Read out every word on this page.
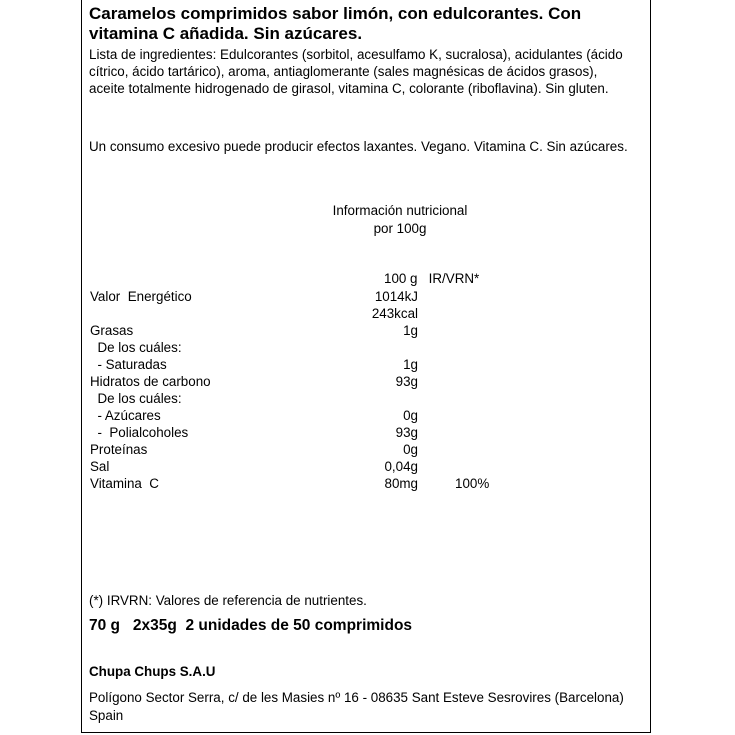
Caramelos comprimidos sabor limón, con edulcorantes. Con vitamina C añadida. Sin azúcares.
Lista de ingredientes: Edulcorantes (sorbitol, acesulfamo K, sucralosa), acidulantes (ácido cítrico, ácido tartárico), aroma, antiaglomerante (sales magnésicas de ácidos grasos), aceite totalmente hidrogenado de girasol, vitamina C, colorante (riboflavina). Sin gluten.
Un consumo excesivo puede producir efectos laxantes. Vegano. Vitamina C. Sin azúcares.
Información nutricional
por 100g
100 g   IR/VRN*
Valor  Energético	1014kJ
243kcal
Grasas	1g
De los cuáles:
- Saturadas	1g
Hidratos de carbono	93g
De los cuáles:
- Azúcares	0g
-  Polialcoholes	93g
Proteínas	0g
Sal	0,04g
Vitamina  C	80mg	100%
(*) IRVRN: Valores de referencia de nutrientes.
70 g   2x35g  2 unidades de 50 comprimidos
Chupa Chups S.A.U
Polígono Sector Serra, c/ de les Masies nº 16 - 08635 Sant Esteve Sesrovires (Barcelona) Spain
